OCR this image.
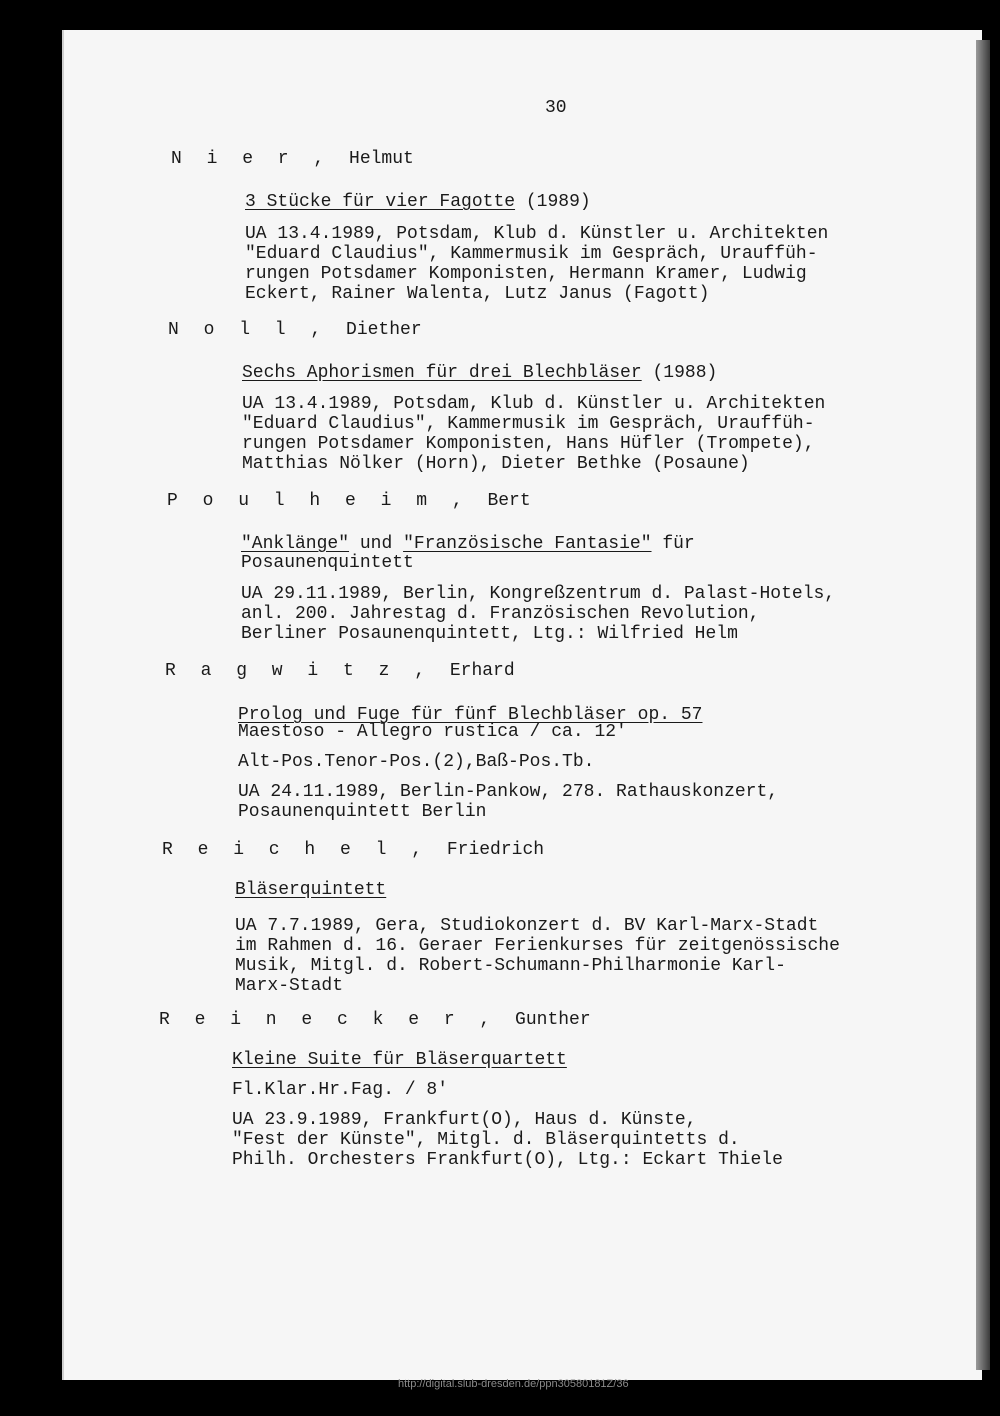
30
N i e r , Helmut
3 Stücke für vier Fagotte (1989)
UA 13.4.1989, Potsdam, Klub d. Künstler u. Architekten
"Eduard Claudius", Kammermusik im Gespräch, Urauffüh-
rungen Potsdamer Komponisten, Hermann Kramer, Ludwig
Eckert, Rainer Walenta, Lutz Janus (Fagott)
N o l l , Diether
Sechs Aphorismen für drei Blechbläser (1988)
UA 13.4.1989, Potsdam, Klub d. Künstler u. Architekten
"Eduard Claudius", Kammermusik im Gespräch, Urauffüh-
rungen Potsdamer Komponisten, Hans Hüfler (Trompete),
Matthias Nölker (Horn), Dieter Bethke (Posaune)
P o u l h e i m , Bert
"Anklänge" und "Französische Fantasie" für
Posaunenquintett
UA 29.11.1989, Berlin, Kongreßzentrum d. Palast-Hotels,
anl. 200. Jahrestag d. Französischen Revolution,
Berliner Posaunenquintett, Ltg.: Wilfried Helm
R a g w i t z , Erhard
Prolog und Fuge für fünf Blechbläser op. 57
Maestoso - Allegro rustica / ca. 12'
Alt-Pos.Tenor-Pos.(2),Baß-Pos.Tb.
UA 24.11.1989, Berlin-Pankow, 278. Rathauskonzert,
Posaunenquintett Berlin
R e i c h e l , Friedrich
Bläserquintett
UA 7.7.1989, Gera, Studiokonzert d. BV Karl-Marx-Stadt
im Rahmen d. 16. Geraer Ferienkurses für zeitgenössische
Musik, Mitgl. d. Robert-Schumann-Philharmonie Karl-
Marx-Stadt
R e i n e c k e r , Gunther
Kleine Suite für Bläserquartett
Fl.Klar.Hr.Fag. / 8'
UA 23.9.1989, Frankfurt(O), Haus d. Künste,
"Fest der Künste", Mitgl. d. Bläserquintetts d.
Philh. Orchesters Frankfurt(O), Ltg.: Eckart Thiele
http://digital.slub-dresden.de/ppn30580181Z/36
